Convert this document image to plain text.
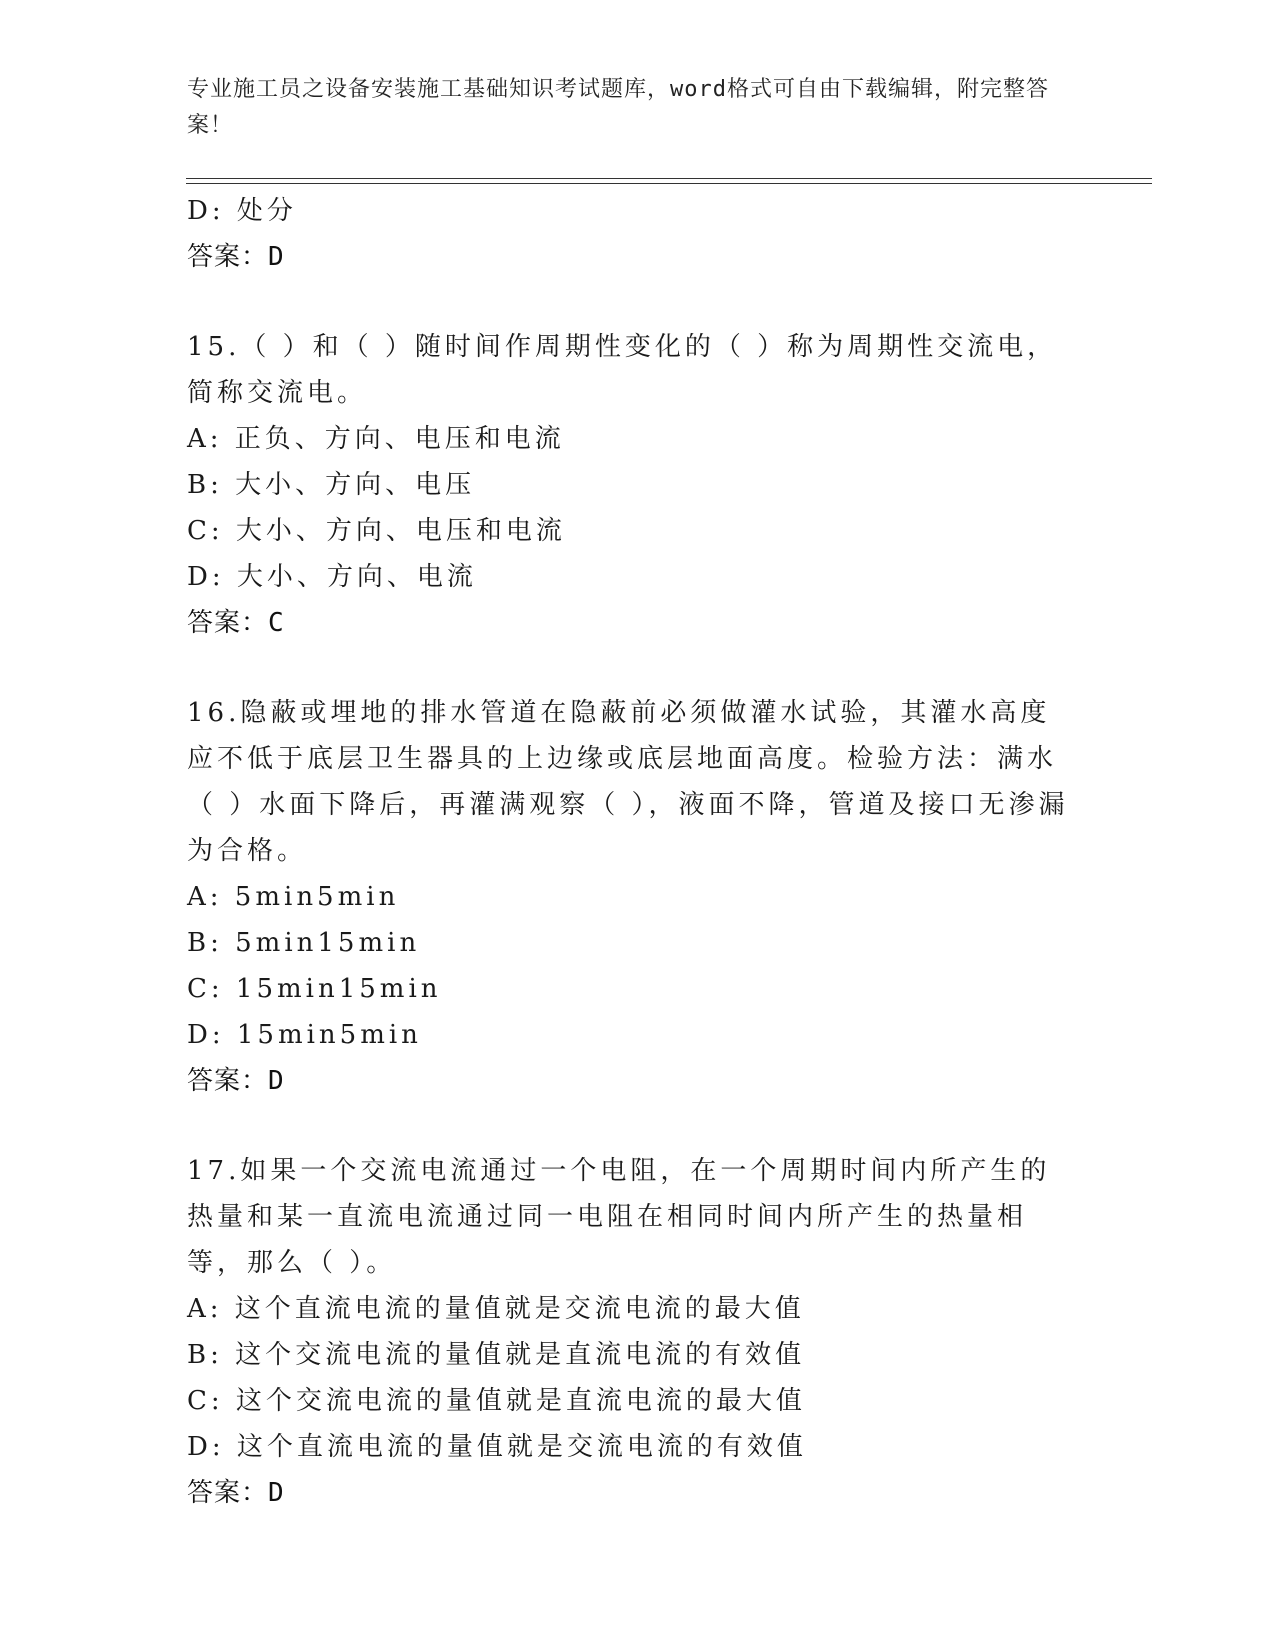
专业施工员之设备安装施工基础知识考试题库，word格式可自由下载编辑，附完整答案！
D: 处分
答案：D
15.（ ）和（ ）随时间作周期性变化的（ ）称为周期性交流电，简称交流电。
A: 正负、方向、电压和电流
B: 大小、方向、电压
C: 大小、方向、电压和电流
D: 大小、方向、电流
答案：C
16.隐蔽或埋地的排水管道在隐蔽前必须做灌水试验，其灌水高度应不低于底层卫生器具的上边缘或底层地面高度。检验方法：满水（ ）水面下降后，再灌满观察（ ），液面不降，管道及接口无渗漏为合格。
A: 5min5min
B: 5min15min
C: 15min15min
D: 15min5min
答案：D
17.如果一个交流电流通过一个电阻，在一个周期时间内所产生的热量和某一直流电流通过同一电阻在相同时间内所产生的热量相等，那么（ ）。
A: 这个直流电流的量值就是交流电流的最大值
B: 这个交流电流的量值就是直流电流的有效值
C: 这个交流电流的量值就是直流电流的最大值
D: 这个直流电流的量值就是交流电流的有效值
答案：D
